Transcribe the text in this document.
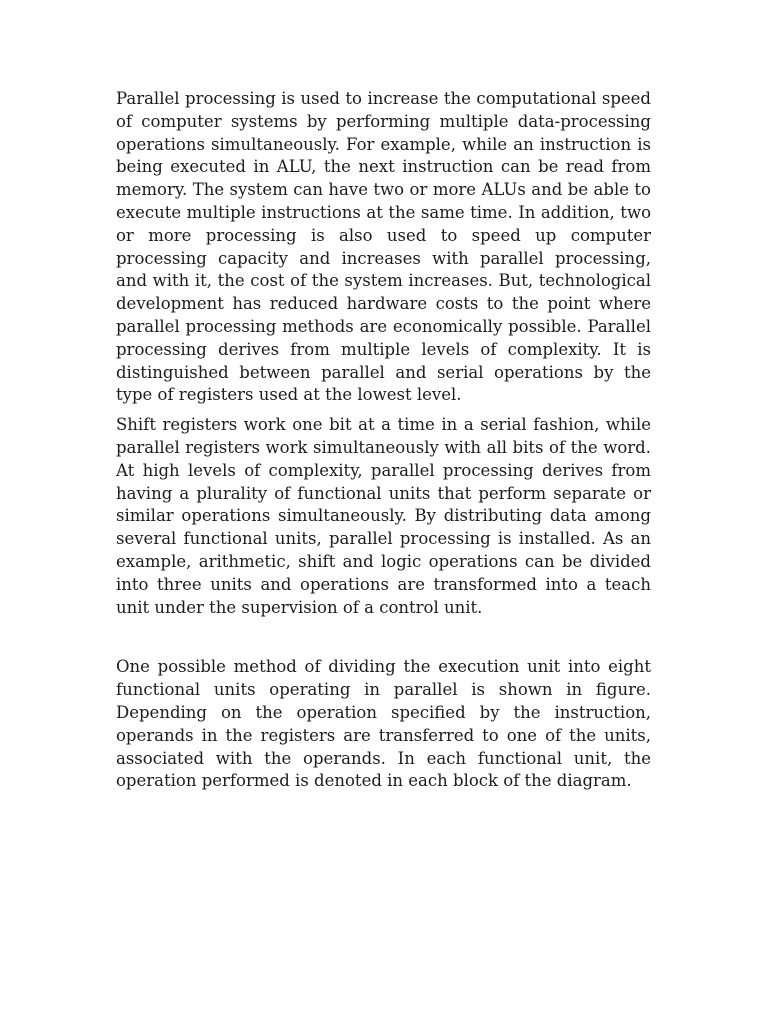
Parallel processing is used to increase the computational speed of computer systems by performing multiple data-processing operations simultaneously. For example, while an instruction is being executed in ALU, the next instruction can be read from memory. The system can have two or more ALUs and be able to execute multiple instructions at the same time. In addition, two or more processing is also used to speed up computer processing capacity and increases with parallel processing, and with it, the cost of the system increases. But, technological development has reduced hardware costs to the point where parallel processing methods are economically possible. Parallel processing derives from multiple levels of complexity. It is distinguished between parallel and serial operations by the type of registers used at the lowest level.

Shift registers work one bit at a time in a serial fashion, while parallel registers work simultaneously with all bits of the word. At high levels of complexity, parallel processing derives from having a plurality of functional units that perform separate or similar operations simultaneously. By distributing data among several functional units, parallel processing is installed. As an example, arithmetic, shift and logic operations can be divided into three units and operations are transformed into a teach unit under the supervision of a control unit.

One possible method of dividing the execution unit into eight functional units operating in parallel is shown in figure. Depending on the operation specified by the instruction, operands in the registers are transferred to one of the units, associated with the operands. In each functional unit, the operation performed is denoted in each block of the diagram.
